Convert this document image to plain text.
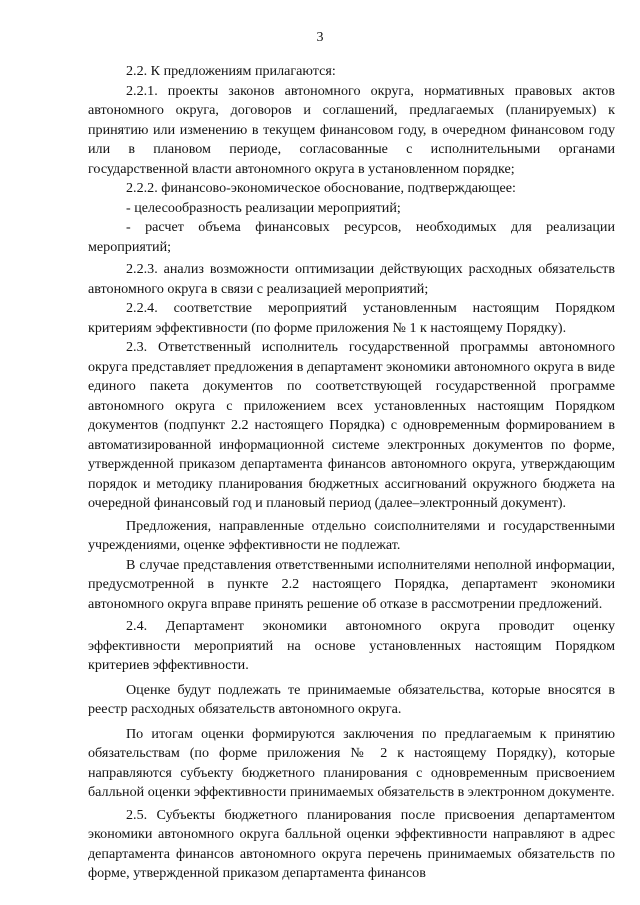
3

2.2. К предложениям прилагаются:

2.2.1. проекты законов автономного округа, нормативных правовых актов автономного округа, договоров и соглашений, предлагаемых (планируемых) к принятию или изменению в текущем финансовом году, в очередном финансовом году или в плановом периоде, согласованные с исполнительными органами государственной власти автономного округа в установленном порядке;

2.2.2. финансово-экономическое обоснование, подтверждающее:

- целесообразность реализации мероприятий;

- расчет объема финансовых ресурсов, необходимых для реализации мероприятий;

2.2.3. анализ возможности оптимизации действующих расходных обязательств автономного округа в связи с реализацией мероприятий;

2.2.4. соответствие мероприятий установленным настоящим Порядком критериям эффективности (по форме приложения № 1 к настоящему Порядку).

2.3. Ответственный исполнитель государственной программы автономного округа представляет предложения в департамент экономики автономного округа в виде единого пакета документов по соответствующей государственной программе автономного округа с приложением всех установленных настоящим Порядком документов (подпункт 2.2 настоящего Порядка) с одновременным формированием в автоматизированной информационной системе электронных документов по форме, утвержденной приказом департамента финансов автономного округа, утверждающим порядок и методику планирования бюджетных ассигнований окружного бюджета на очередной финансовый год и плановый период (далее–электронный документ).

Предложения, направленные отдельно соисполнителями и государственными учреждениями, оценке эффективности не подлежат.

В случае представления ответственными исполнителями неполной информации, предусмотренной в пункте 2.2 настоящего Порядка, департамент экономики автономного округа вправе принять решение об отказе в рассмотрении предложений.

2.4. Департамент экономики автономного округа проводит оценку эффективности мероприятий на основе установленных настоящим Порядком критериев эффективности.

Оценке будут подлежать те принимаемые обязательства, которые вносятся в реестр расходных обязательств автономного округа.

По итогам оценки формируются заключения по предлагаемым к принятию обязательствам (по форме приложения № 2 к настоящему Порядку), которые направляются субъекту бюджетного планирования с одновременным присвоением балльной оценки эффективности принимаемых обязательств в электронном документе.

2.5. Субъекты бюджетного планирования после присвоения департаментом экономики автономного округа балльной оценки эффективности направляют в адрес департамента финансов автономного округа перечень принимаемых обязательств по форме, утвержденной приказом департамента финансов
